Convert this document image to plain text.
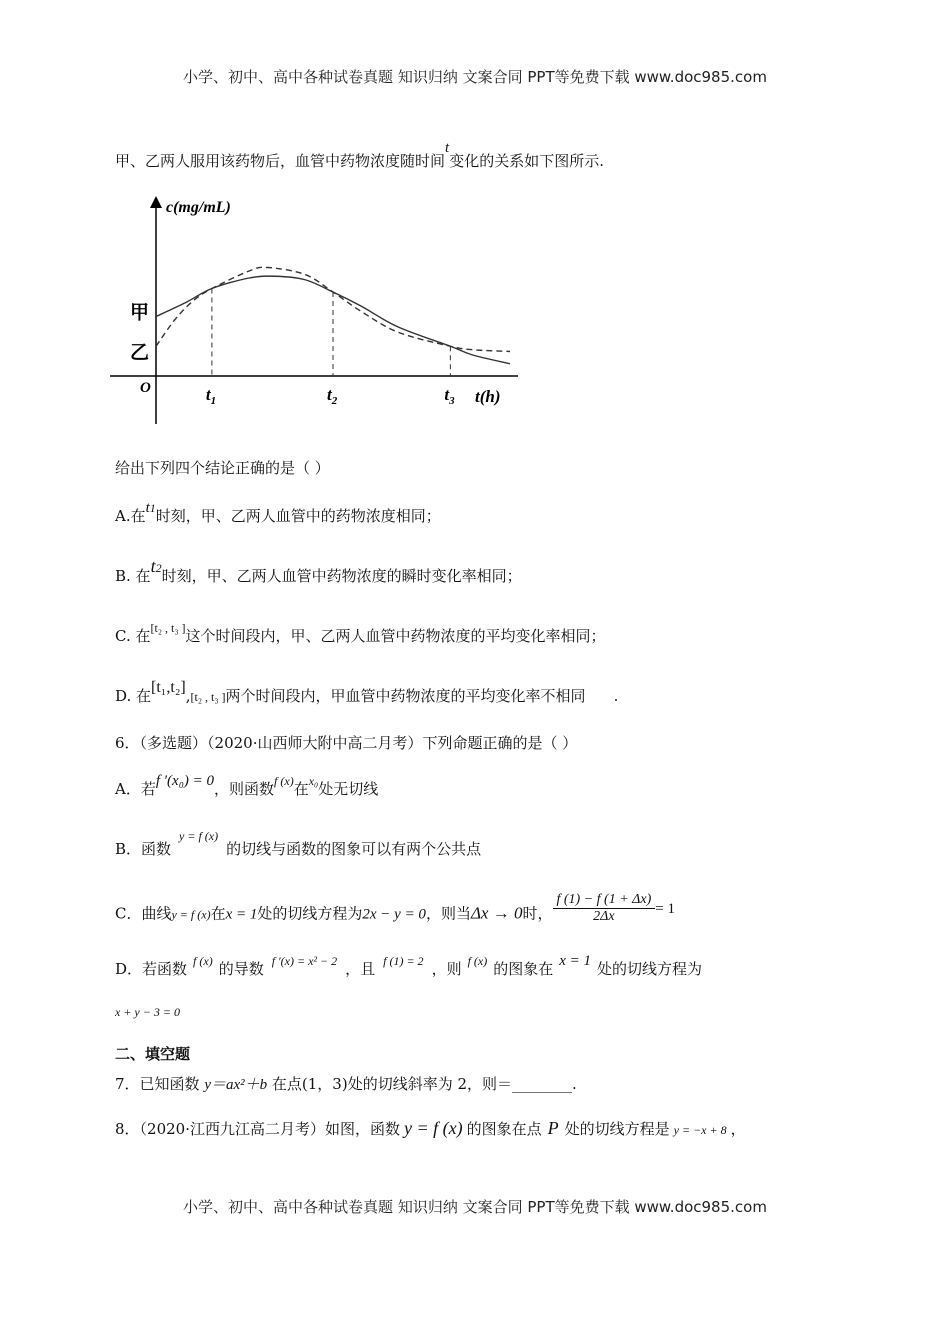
小学、初中、高中各种试卷真题 知识归纳 文案合同 PPT等免费下载 www.doc985.com
甲、乙两人服用该药物后，血管中药物浓度随时间t变化的关系如下图所示.
$t_1$	$t_2$	$t_3$
c(mg/mL)
t(h)
O
甲
乙
给出下列四个结论正确的是（ ）
A.在t1时刻，甲、乙两人血管中的药物浓度相同；
B. 在t2时刻，甲、乙两人血管中药物浓度的瞬时变化率相同；
C. 在[t₂ , t₃ ]这个时间段内，甲、乙两人血管中药物浓度的平均变化率相同；
D. 在[t₁,t₂],[t₂ , t₃ ]两个时间段内，甲血管中药物浓度的平均变化率不相同 .
6．（多选题）（2020·山西师大附中高二月考）下列命题正确的是（ ）
A．若f ′(x₀) = 0，则函数$^{f (x)}$在$^{x_0}$处无切线
B．函数$^{y = f (x)}$的切线与函数的图象可以有两个公共点
C．曲线y = f (x)在x = 1处的切线方程为2x − y = 0，则当Δx → 0时， $\frac{f (1) - f (1 + \Delta x)}{2\Delta x} = 1$
D．若函数 $^{f (x)}$ 的导数 $^{f '(x) = x^2 - 2}$ ，且 $^{f (1) = 2}$ ，则 $^{f (x)}$ 的图象在 x = 1 处的切线方程为
x + y − 3 = 0
二、填空题
7．已知函数 y＝ax²＋b 在点(1，3)处的切线斜率为 2，则＝________.
8．（2020·江西九江高二月考）如图，函数 y = f (x) 的图象在点 P 处的切线方程是 y = −x + 8 ，
小学、初中、高中各种试卷真题 知识归纳 文案合同 PPT等免费下载 www.doc985.com
